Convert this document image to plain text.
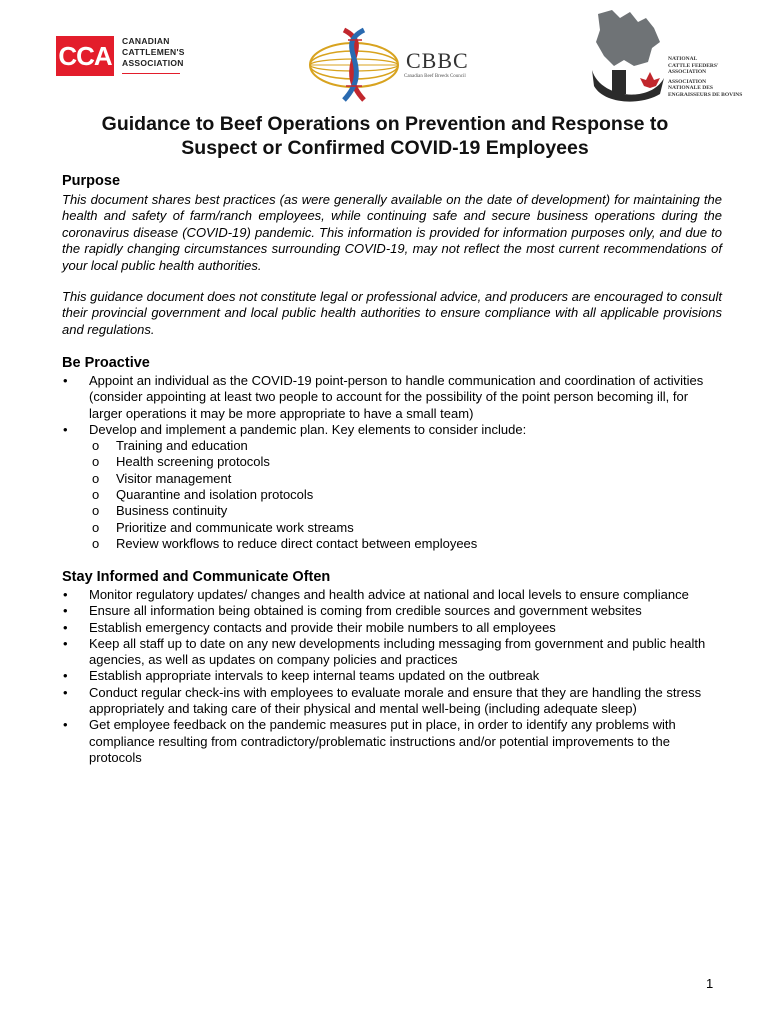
CCA CANADIAN
CATTLEMEN'S
ASSOCIATION	CBBC
Canadian Beef Breeds Council
NATIONAL
CATTLE FEEDERS'
ASSOCIATION
ASSOCIATION
NATIONALE DES
ENGRAISSEURS DE BOVINS
Guidance to Beef Operations on Prevention and Response to
Suspect or Confirmed COVID-19 Employees
Purpose
This document shares best practices (as were generally available on the date of development) for maintaining the health and safety of farm/ranch employees, while continuing safe and secure business operations during the coronavirus disease (COVID-19) pandemic. This information is provided for information purposes only, and due to the rapidly changing circumstances surrounding COVID-19, may not reflect the most current recommendations of your local public health authorities.
This guidance document does not constitute legal or professional advice, and producers are encouraged to consult their provincial government and local public health authorities to ensure compliance with all applicable provisions and regulations.
Be Proactive
• Appoint an individual as the COVID-19 point-person to handle communication and coordination of activities (consider appointing at least two people to account for the possibility of the point person becoming ill, for larger operations it may be more appropriate to have a small team)
• Develop and implement a pandemic plan. Key elements to consider include:
o Training and education
o Health screening protocols
o Visitor management
o Quarantine and isolation protocols
o Business continuity
o Prioritize and communicate work streams
o Review workflows to reduce direct contact between employees
Stay Informed and Communicate Often
• Monitor regulatory updates/ changes and health advice at national and local levels to ensure compliance
• Ensure all information being obtained is coming from credible sources and government websites
• Establish emergency contacts and provide their mobile numbers to all employees
• Keep all staff up to date on any new developments including messaging from government and public health agencies, as well as updates on company policies and practices
• Establish appropriate intervals to keep internal teams updated on the outbreak
• Conduct regular check-ins with employees to evaluate morale and ensure that they are handling the stress appropriately and taking care of their physical and mental well-being (including adequate sleep)
• Get employee feedback on the pandemic measures put in place, in order to identify any problems with compliance resulting from contradictory/problematic instructions and/or potential improvements to the protocols
1
